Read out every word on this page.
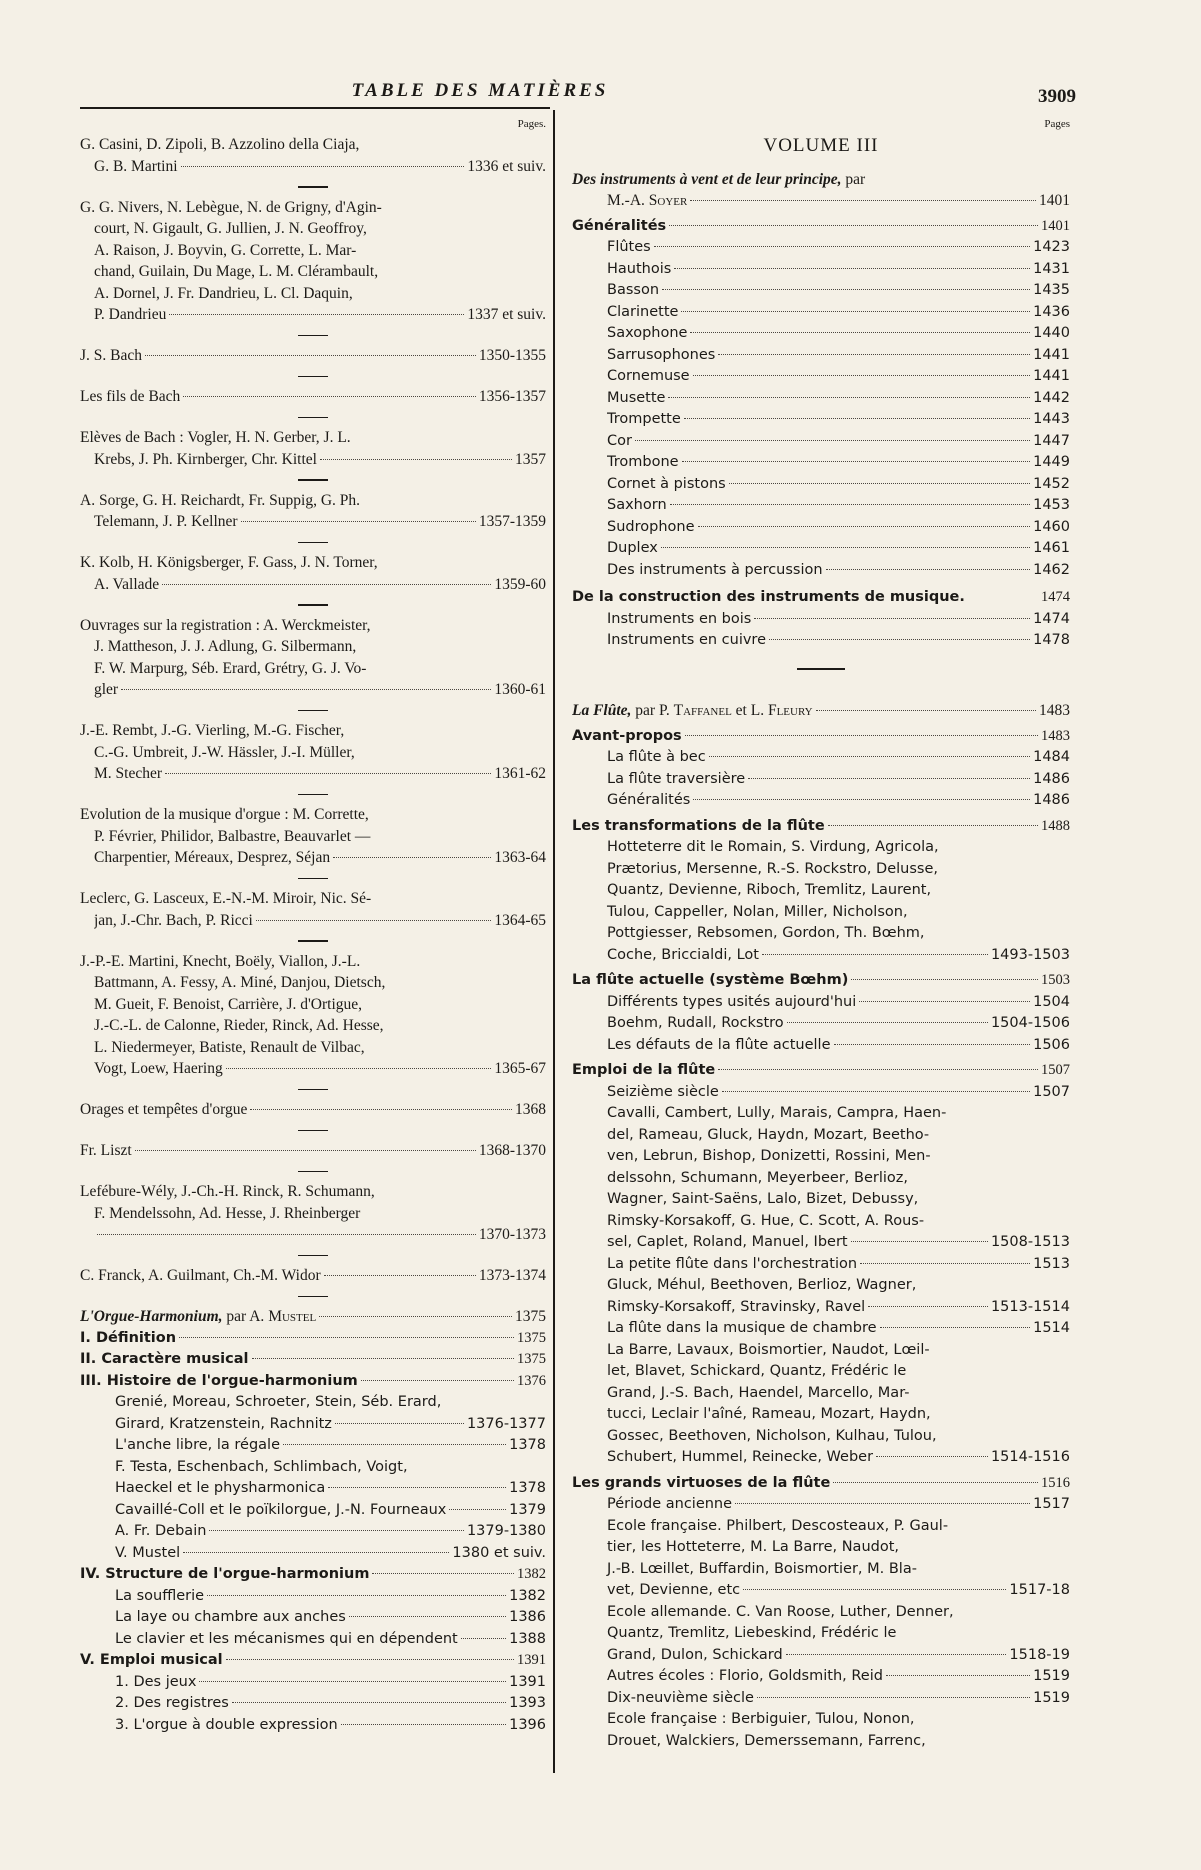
TABLE DES MATIÈRES	3909
Pages.
G. Casini, D. Zipoli, B. Azzolino della Ciaja,
G. B. Martini	1336 et suiv.
G. G. Nivers, N. Lebègue, N. de Grigny, d'Agin-
court, N. Gigault, G. Jullien, J. N. Geoffroy,
A. Raison, J. Boyvin, G. Corrette, L. Mar-
chand, Guilain, Du Mage, L. M. Clérambault,
A. Dornel, J. Fr. Dandrieu, L. Cl. Daquin,
P. Dandrieu	1337 et suiv.
J. S. Bach	1350-1355
Les fils de Bach	1356-1357
Elèves de Bach : Vogler, H. N. Gerber, J. L.
Krebs, J. Ph. Kirnberger, Chr. Kittel	1357
A. Sorge, G. H. Reichardt, Fr. Suppig, G. Ph.
Telemann, J. P. Kellner	1357-1359
K. Kolb, H. Königsberger, F. Gass, J. N. Torner,
A. Vallade	1359-60
Ouvrages sur la registration : A. Werckmeister,
J. Mattheson, J. J. Adlung, G. Silbermann,
F. W. Marpurg, Séb. Erard, Grétry, G. J. Vo-
gler	1360-61
J.-E. Rembt, J.-G. Vierling, M.-G. Fischer,
C.-G. Umbreit, J.-W. Hässler, J.-I. Müller,
M. Stecher	1361-62
Evolution de la musique d'orgue : M. Corrette,
P. Février, Philidor, Balbastre, Beauvarlet —
Charpentier, Méreaux, Desprez, Séjan	1363-64
Leclerc, G. Lasceux, E.-N.-M. Miroir, Nic. Sé-
jan, J.-Chr. Bach, P. Ricci	1364-65
J.-P.-E. Martini, Knecht, Boëly, Viallon, J.-L.
Battmann, A. Fessy, A. Miné, Danjou, Dietsch,
M. Gueit, F. Benoist, Carrière, J. d'Ortigue,
J.-C.-L. de Calonne, Rieder, Rinck, Ad. Hesse,
L. Niedermeyer, Batiste, Renault de Vilbac,
Vogt, Loew, Haering	1365-67
Orages et tempêtes d'orgue	1368
Fr. Liszt	1368-1370
Lefébure-Wély, J.-Ch.-H. Rinck, R. Schumann,
F. Mendelssohn, Ad. Hesse, J. Rheinberger
1370-1373
C. Franck, A. Guilmant, Ch.-M. Widor	1373-1374
L'Orgue-Harmonium, par A. Mustel	1375
I. Définition	1375
II. Caractère musical	1375
III. Histoire de l'orgue-harmonium	1376
Grenié, Moreau, Schroeter, Stein, Séb. Erard,
Girard, Kratzenstein, Rachnitz	1376-1377
L'anche libre, la régale	1378
F. Testa, Eschenbach, Schlimbach, Voigt,
Haeckel et le physharmonica	1378
Cavaillé-Coll et le poïkilorgue, J.-N. Fourneaux	1379
A. Fr. Debain	1379-1380
V. Mustel	1380 et suiv.
IV. Structure de l'orgue-harmonium	1382
La soufflerie	1382
La laye ou chambre aux anches	1386
Le clavier et les mécanismes qui en dépendent	1388
V. Emploi musical	1391
1. Des jeux	1391
2. Des registres	1393
3. L'orgue à double expression	1396
Pages
VOLUME III
Des instruments à vent et de leur principe, par
M.-A. Soyer	1401
Généralités	1401
Flûtes	1423
Hauthois	1431
Basson	1435
Clarinette	1436
Saxophone	1440
Sarrusophones	1441
Cornemuse	1441
Musette	1442
Trompette	1443
Cor	1447
Trombone	1449
Cornet à pistons	1452
Saxhorn	1453
Sudrophone	1460
Duplex	1461
Des instruments à percussion	1462
De la construction des instruments de musique.	1474
Instruments en bois	1474
Instruments en cuivre	1478
La Flûte, par P. Taffanel et L. Fleury	1483
Avant-propos	1483
La flûte à bec	1484
La flûte traversière	1486
Généralités	1486
Les transformations de la flûte	1488
Hotteterre dit le Romain, S. Virdung, Agricola,
Prætorius, Mersenne, R.-S. Rockstro, Delusse,
Quantz, Devienne, Riboch, Tremlitz, Laurent,
Tulou, Cappeller, Nolan, Miller, Nicholson,
Pottgiesser, Rebsomen, Gordon, Th. Bœhm,
Coche, Briccialdi, Lot	1493-1503
La flûte actuelle (système Bœhm)	1503
Différents types usités aujourd'hui	1504
Boehm, Rudall, Rockstro	1504-1506
Les défauts de la flûte actuelle	1506
Emploi de la flûte	1507
Seizième siècle	1507
Cavalli, Cambert, Lully, Marais, Campra, Haen-
del, Rameau, Gluck, Haydn, Mozart, Beetho-
ven, Lebrun, Bishop, Donizetti, Rossini, Men-
delssohn, Schumann, Meyerbeer, Berlioz,
Wagner, Saint-Saëns, Lalo, Bizet, Debussy,
Rimsky-Korsakoff, G. Hue, C. Scott, A. Rous-
sel, Caplet, Roland, Manuel, Ibert	1508-1513
La petite flûte dans l'orchestration	1513
Gluck, Méhul, Beethoven, Berlioz, Wagner,
Rimsky-Korsakoff, Stravinsky, Ravel	1513-1514
La flûte dans la musique de chambre	1514
La Barre, Lavaux, Boismortier, Naudot, Lœil-
let, Blavet, Schickard, Quantz, Frédéric le
Grand, J.-S. Bach, Haendel, Marcello, Mar-
tucci, Leclair l'aîné, Rameau, Mozart, Haydn,
Gossec, Beethoven, Nicholson, Kulhau, Tulou,
Schubert, Hummel, Reinecke, Weber	1514-1516
Les grands virtuoses de la flûte	1516
Période ancienne	1517
Ecole française. Philbert, Descosteaux, P. Gaul-
tier, les Hotteterre, M. La Barre, Naudot,
J.-B. Lœillet, Buffardin, Boismortier, M. Bla-
vet, Devienne, etc	1517-18
Ecole allemande. C. Van Roose, Luther, Denner,
Quantz, Tremlitz, Liebeskind, Frédéric le
Grand, Dulon, Schickard	1518-19
Autres écoles : Florio, Goldsmith, Reid	1519
Dix-neuvième siècle	1519
Ecole française : Berbiguier, Tulou, Nonon,
Drouet, Walckiers, Demerssemann, Farrenc,
